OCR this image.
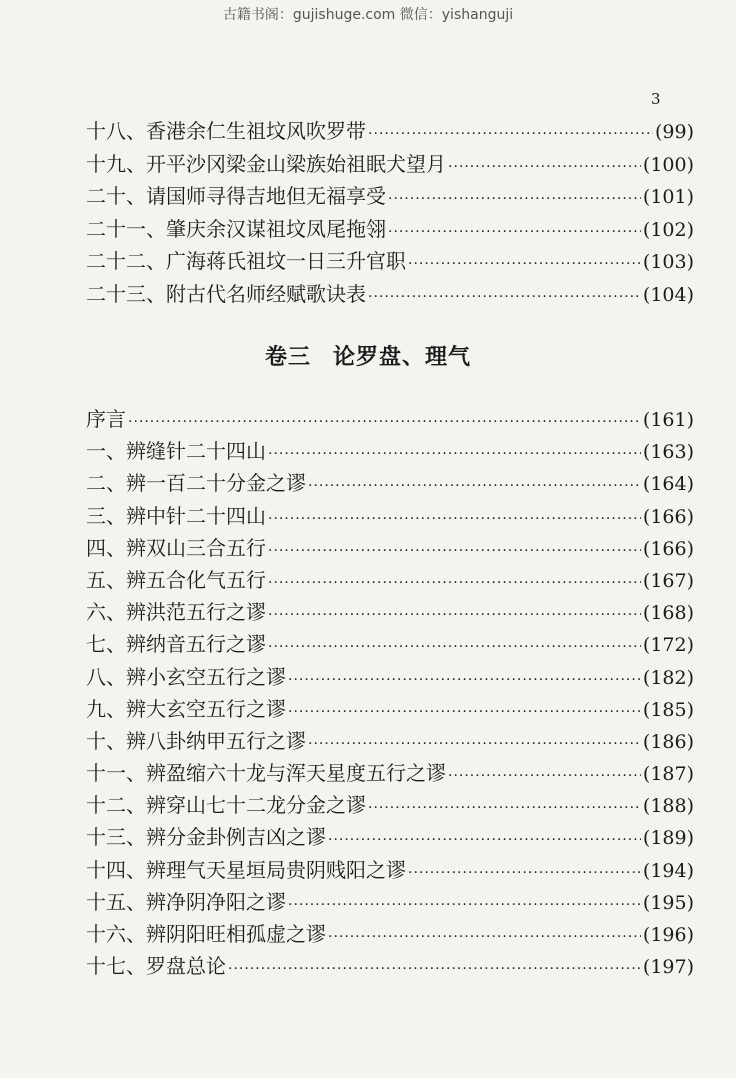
古籍书阁：gujishuge.com 微信：yishanguji
3
十八、 香港余仁生祖坟风吹罗带 ·····	(99)
十九、 开平沙冈梁金山梁族始祖眠犬望月 ·····	(100)
二十、 请国师寻得吉地但无福享受 ·····	(101)
二十一、 肇庆余汉谋祖坟凤尾拖翎 ·····	(102)
二十二、 广海蒋氏祖坟一日三升官职 ·····	(103)
二十三、 附古代名师经赋歌诀表 ·····	(104)
卷三 论罗盘、理气
序言 ·····	(161)
一、 辨缝针二十四山 ·····	(163)
二、 辨一百二十分金之谬 ·····	(164)
三、 辨中针二十四山 ·····	(166)
四、 辨双山三合五行 ·····	(166)
五、 辨五合化气五行 ·····	(167)
六、 辨洪范五行之谬 ·····	(168)
七、 辨纳音五行之谬 ·····	(172)
八、 辨小玄空五行之谬 ·····	(182)
九、 辨大玄空五行之谬 ·····	(185)
十、 辨八卦纳甲五行之谬 ·····	(186)
十一、 辨盈缩六十龙与浑天星度五行之谬 ·····	(187)
十二、 辨穿山七十二龙分金之谬 ·····	(188)
十三、 辨分金卦例吉凶之谬 ·····	(189)
十四、 辨理气天星垣局贵阴贱阳之谬 ·····	(194)
十五、 辨净阴净阳之谬 ·····	(195)
十六、 辨阴阳旺相孤虚之谬 ·····	(196)
十七、 罗盘总论 ·····	(197)
